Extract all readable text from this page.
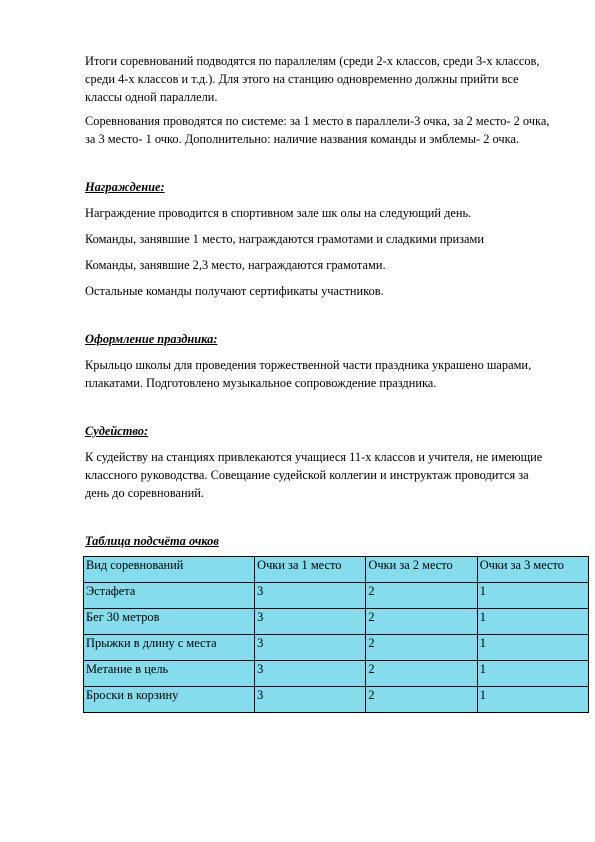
Итоги соревнований подводятся по параллелям (среди 2-х классов, среди 3-х классов, среди 4-х классов и т.д.). Для этого на станцию одновременно должны прийти все классы одной параллели.

Соревнования проводятся по системе: за 1 место в параллели-3 очка, за 2 место- 2 очка, за 3 место- 1 очко. Дополнительно: наличие названия команды и эмблемы- 2 очка.

Награждение:

Награждение проводится в спортивном зале шк олы на следующий день.

Команды, занявшие 1 место, награждаются грамотами и сладкими призами

Команды, занявшие 2,3 место, награждаются грамотами.

Остальные команды получают сертификаты участников.

Оформление праздника:

Крыльцо школы для проведения торжественной части праздника украшено шарами, плакатами. Подготовлено музыкальное сопровождение праздника.

Судейство:

К судейству на станциях привлекаются учащиеся 11-х классов и учителя, не имеющие классного руководства. Совещание судейской коллегии и инструктаж проводится за день до соревнований.

Таблица подсчёта очков

Вид соревнований	Очки за 1 место	Очки за 2 место	Очки за 3 место
Эстафета	3	2	1
Бег 30 метров	3	2	1
Прыжки в длину с места	3	2	1
Метание в цель	3	2	1
Броски в корзину	3	2	1
